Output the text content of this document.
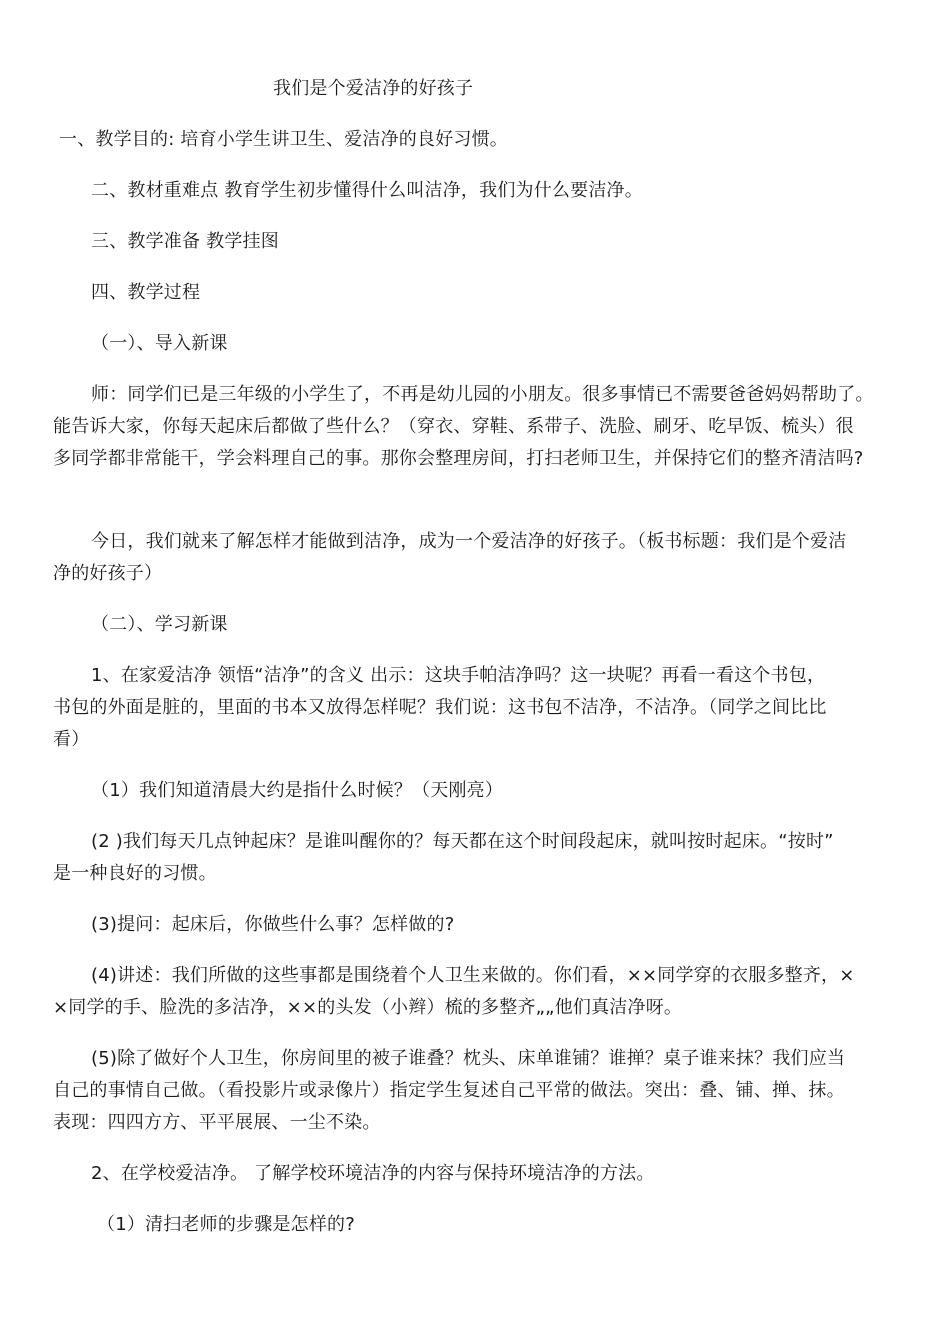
我们是个爱洁净的好孩子
一、教学目的: 培育小学生讲卫生、爱洁净的良好习惯。
二、教材重难点 教育学生初步懂得什么叫洁净，我们为什么要洁净。
三、教学准备 教学挂图
四、教学过程
（一）、导入新课
师：同学们已是三年级的小学生了，不再是幼儿园的小朋友。很多事情已不需要爸爸妈妈帮助了。
能告诉大家，你每天起床后都做了些什么？（穿衣、穿鞋、系带子、洗脸、刷牙、吃早饭、梳头）很
多同学都非常能干，学会料理自己的事。那你会整理房间，打扫老师卫生，并保持它们的整齐清洁吗?
今日，我们就来了解怎样才能做到洁净，成为一个爱洁净的好孩子。（板书标题：我们是个爱洁
净的好孩子）
（二）、学习新课
1、在家爱洁净 领悟“洁净”的含义 出示：这块手帕洁净吗？这一块呢？再看一看这个书包，
书包的外面是脏的，里面的书本又放得怎样呢？我们说：这书包不洁净，不洁净。（同学之间比比
看）
（1）我们知道清晨大约是指什么时候？（天刚亮）
(2 )我们每天几点钟起床？是谁叫醒你的？每天都在这个时间段起床，就叫按时起床。“按时”
是一种良好的习惯。
(3)提问：起床后，你做些什么事？怎样做的?
(4)讲述：我们所做的这些事都是围绕着个人卫生来做的。你们看，××同学穿的衣服多整齐，×
×同学的手、脸洗的多洁净，××的头发（小辫）梳的多整齐„„他们真洁净呀。
(5)除了做好个人卫生，你房间里的被子谁叠？枕头、床单谁铺？谁掸？桌子谁来抹？我们应当
自己的事情自己做。（看投影片或录像片）指定学生复述自己平常的做法。突出：叠、铺、掸、抹。
表现：四四方方、平平展展、一尘不染。
2、在学校爱洁净。 了解学校环境洁净的内容与保持环境洁净的方法。
（1）清扫老师的步骤是怎样的?
